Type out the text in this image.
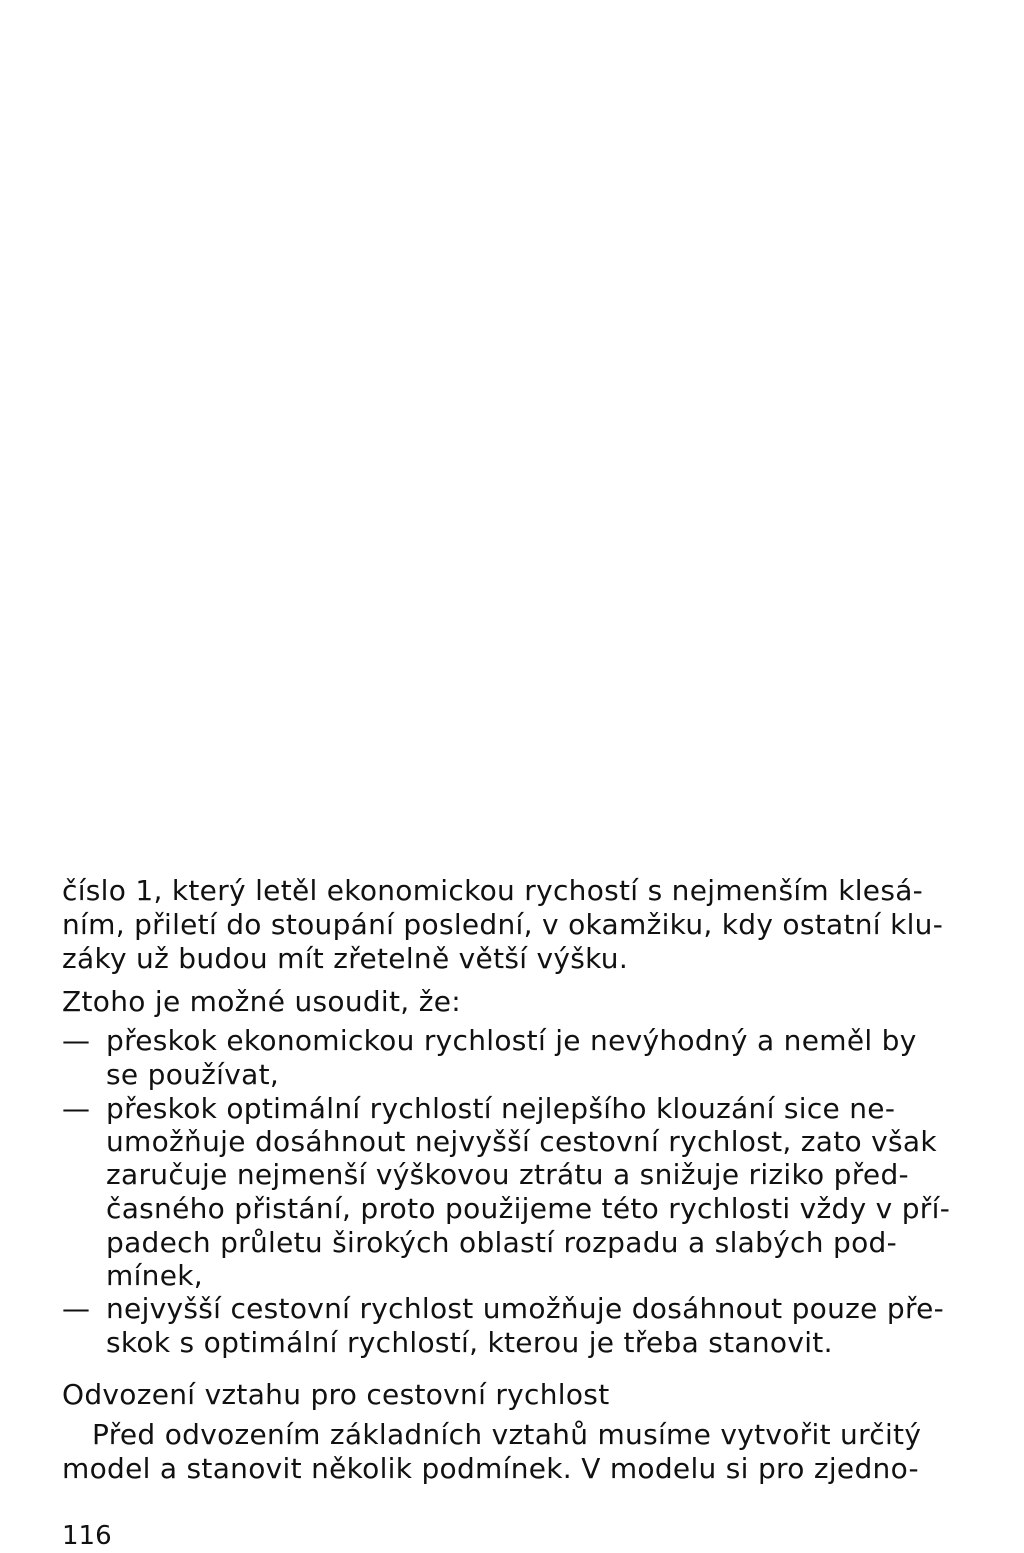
číslo 1, který letěl ekonomickou rychostí s nejmenším klesá-
ním, přiletí do stoupání poslední, v okamžiku, kdy ostatní klu-
záky už budou mít zřetelně větší výšku.
Ztoho je možné usoudit, že:
— přeskok ekonomickou rychlostí je nevýhodný a neměl by
se používat,
— přeskok optimální rychlostí nejlepšího klouzání sice ne-
umožňuje dosáhnout nejvyšší cestovní rychlost, zato však
zaručuje nejmenší výškovou ztrátu a snižuje riziko před-
časného přistání, proto použijeme této rychlosti vždy v pří-
padech průletu širokých oblastí rozpadu a slabých pod-
mínek,
— nejvyšší cestovní rychlost umožňuje dosáhnout pouze pře-
skok s optimální rychlostí, kterou je třeba stanovit.
Odvození vztahu pro cestovní rychlost
Před odvozením základních vztahů musíme vytvořit určitý
model a stanovit několik podmínek. V modelu si pro zjedno-
116
